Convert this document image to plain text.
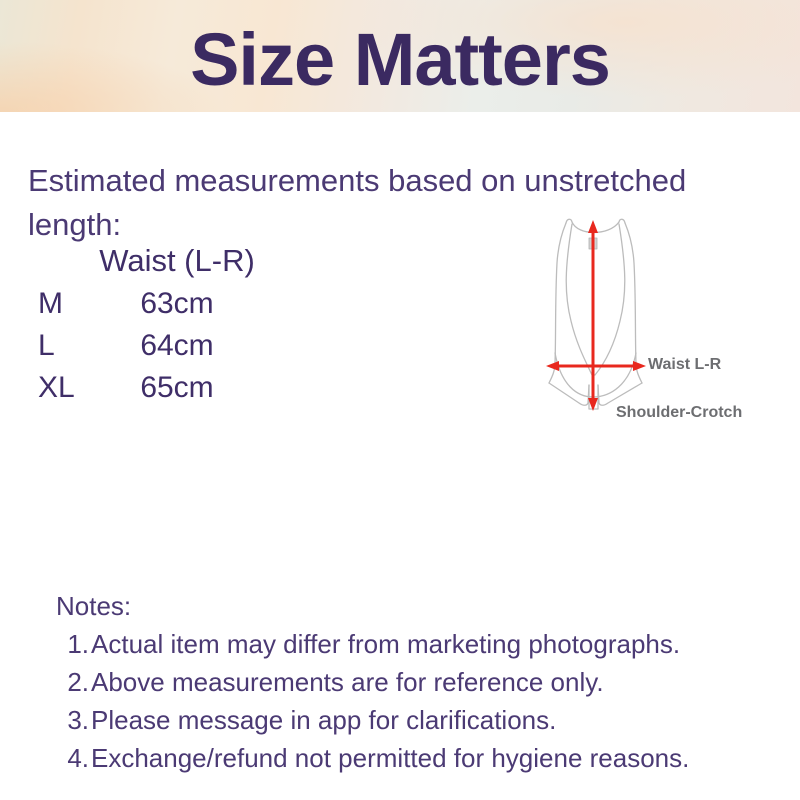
Size Matters

Estimated measurements based on unstretched length:

Waist (L-R)
M	63cm
L	64cm
XL	65cm
Waist L-R
Shoulder-Crotch
Notes:
1. Actual item may differ from marketing photographs.
2. Above measurements are for reference only.
3. Please message in app for clarifications.
4. Exchange/refund not permitted for hygiene reasons.
